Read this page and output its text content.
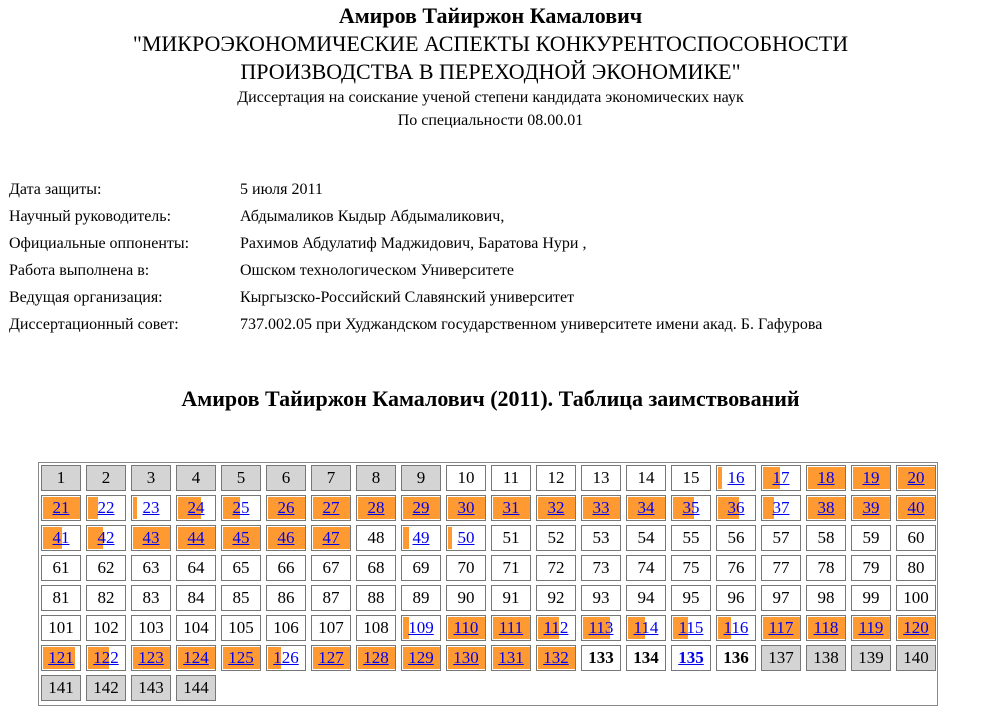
Амиров Тайиржон Камалович
"МИКРОЭКОНОМИЧЕСКИЕ АСПЕКТЫ КОНКУРЕНТОСПОСОБНОСТИ
ПРОИЗВОДСТВА В ПЕРЕХОДНОЙ ЭКОНОМИКЕ"
Диссертация на соискание ученой степени кандидата экономических наук
По специальности 08.00.01
Дата защиты:	5 июля 2011
Научный руководитель:	Абдымаликов Кыдыр Абдымаликович,
Официальные оппоненты:	Рахимов Абдулатиф Маджидович, Баратова Нури ,
Работа выполнена в:	Ошском технологическом Университете
Ведущая организация:	Кыргызско-Российский Славянский университет
Диссертационный совет:	737.002.05 при Худжандском государственном университете имени акад. Б. Гафурова
Амиров Тайиржон Камалович (2011). Таблица заимствований
1	2	3	4	5	6	7	8	9	10	11	12	13	14	15	16	17	18	19	20
21	22	23	24	25	26	27	28	29	30	31	32	33	34	35	36	37	38	39	40
41	42	43	44	45	46	47	48	49	50	51	52	53	54	55	56	57	58	59	60
61	62	63	64	65	66	67	68	69	70	71	72	73	74	75	76	77	78	79	80
81	82	83	84	85	86	87	88	89	90	91	92	93	94	95	96	97	98	99	100
101	102	103	104	105	106	107	108	109	110	111	112	113	114	115	116	117	118	119	120
121	122	123	124	125	126	127	128	129	130	131	132	133	134	135	136	137	138	139	140
141	142	143	144
